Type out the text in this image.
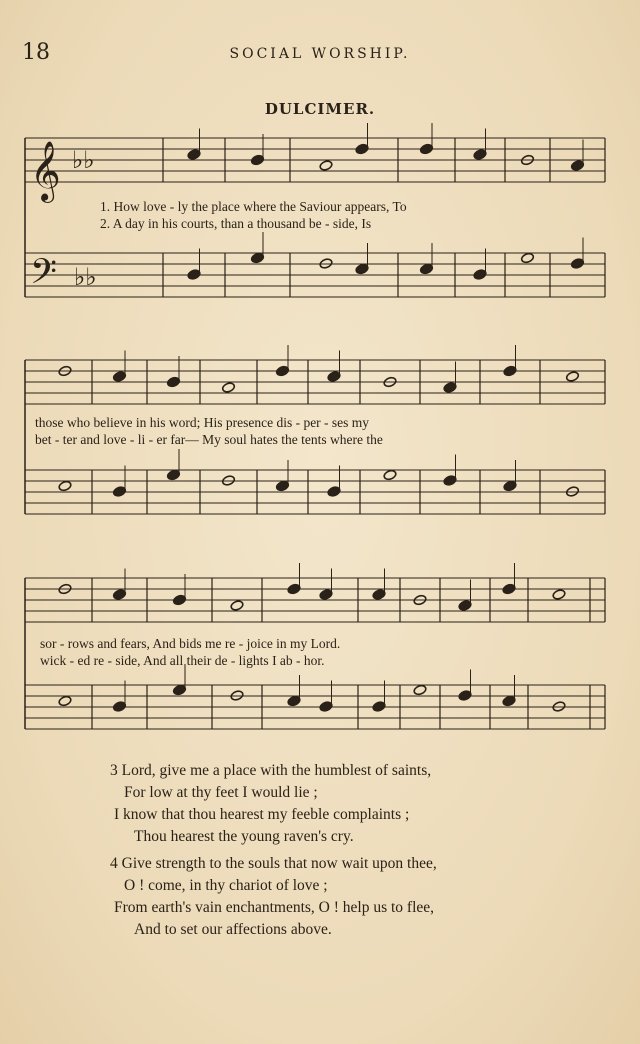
18	SOCIAL WORSHIP.
DULCIMER.
𝄞
𝄢
♭♭
♭♭
1. How love - ly the place where the Saviour appears, To
2. A day in his courts, than a thousand be - side, Is
those who believe in his word; His presence dis - per - ses my
bet - ter and love - li - er far— My soul hates the tents where the
sor - rows and fears, And bids me re - joice in my Lord.
wick - ed re - side, And all their de - lights I ab - hor.
3 Lord, give me a place with the humblest of saints,
For low at thy feet I would lie ;
I know that thou hearest my feeble complaints ;
Thou hearest the young raven's cry.
4 Give strength to the souls that now wait upon thee,
O ! come, in thy chariot of love ;
From earth's vain enchantments, O ! help us to flee,
And to set our affections above.
